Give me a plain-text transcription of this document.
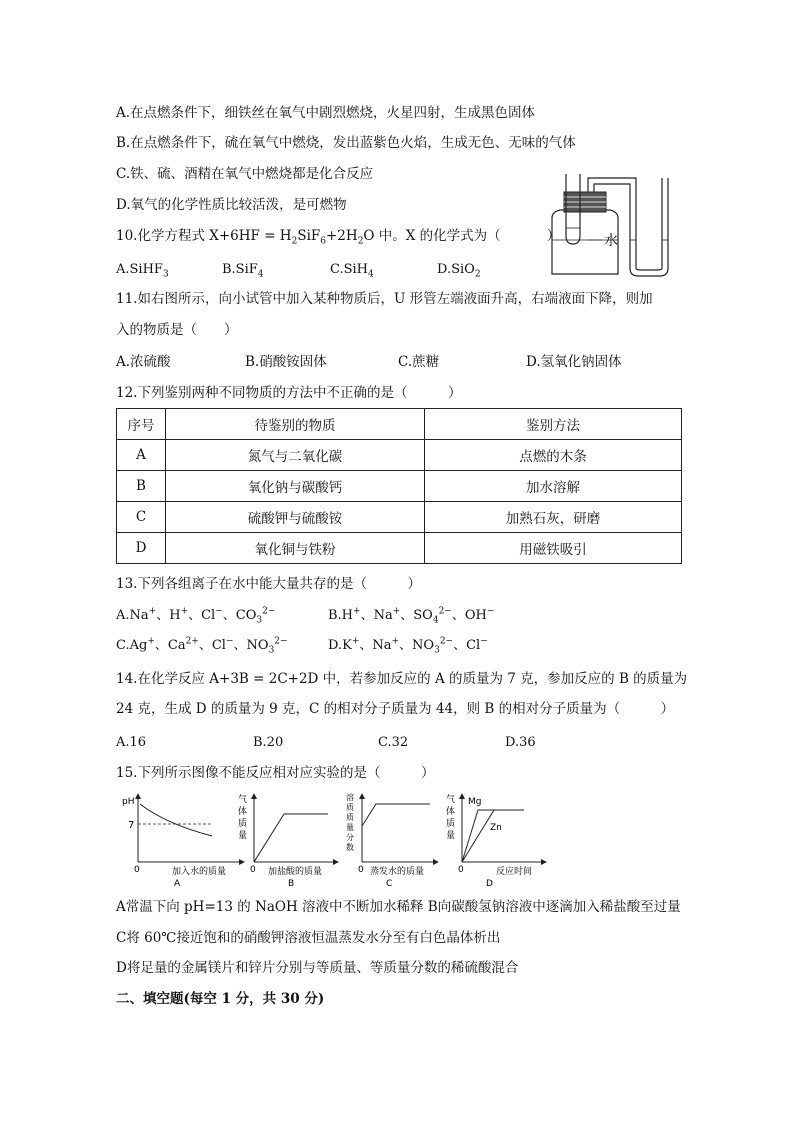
A.在点燃条件下，细铁丝在氧气中剧烈燃烧，火星四射，生成黑色固体
B.在点燃条件下，硫在氧气中燃烧，发出蓝紫色火焰，生成无色、无味的气体
C.铁、硫、酒精在氧气中燃烧都是化合反应
D.氧气的化学性质比较活泼，是可燃物
10.化学方程式 $X+6HF = H_2SiF_6+2H_2O$ 中。X 的化学式为（	）
A.SiHF$_3$	B.SiF$_4$	C.SiH$_4$	D.SiO$_2$
水
11.如右图所示，向小试管中加入某种物质后，U 形管左端液面升高，右端液面下降，则加
入的物质是（　　）
A.浓硫酸	B.硝酸铵固体	C.蔗糖	D.氢氧化钠固体
12.下列鉴别两种不同物质的方法中不正确的是（　　　）
序号	待鉴别的物质	鉴别方法
A	氮气与二氧化碳	点燃的木条
B	氧化钠与碳酸钙	加水溶解
C	硫酸钾与硫酸铵	加熟石灰，研磨
D	氧化铜与铁粉	用磁铁吸引
13.下列各组离子在水中能大量共存的是（　　　）
A.Na+、H+、Cl−、$CO_3^{2-}$	B.H+、Na+、$SO_4^{2-}$、OH−
C.Ag+、$Ca^{2+}$、Cl−、$NO_3^{2-}$	D.K+、Na+、$NO_3^{2-}$、Cl−
14.在化学反应 A+3B = 2C+2D 中，若参加反应的 A 的质量为 7 克，参加反应的 B 的质量为
24 克，生成 D 的质量为 9 克，C 的相对分子质量为 44，则 B 的相对分子质量为（　　　）
A.16	B.20	C.32	D.36
15.下列所示图像不能反应相对应实验的是（　　　）
pH
7
0	加入水的质量
A
气
体
质
量
0 加盐酸的质量
B
溶
质
质
量
分
数
0 蒸发水的质量
C
气
体
质
量
Mg
Zn
0	反应时间
D
A常温下向 pH=13 的 NaOH 溶液中不断加水稀释 B向碳酸氢钠溶液中逐滴加入稀盐酸至过量
C将 60℃接近饱和的硝酸钾溶液恒温蒸发水分至有白色晶体析出
D将足量的金属镁片和锌片分别与等质量、等质量分数的稀硫酸混合
二、填空题(每空 1 分，共 30 分)
